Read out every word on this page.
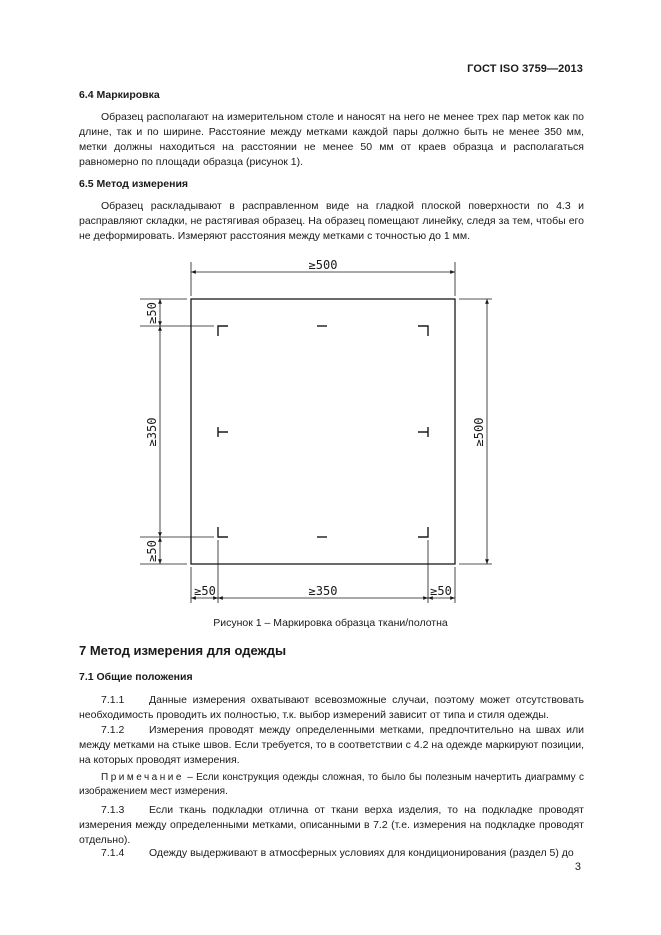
ГОСТ ISO 3759—2013
6.4 Маркировка
Образец располагают на измерительном столе и наносят на него не менее трех пар меток как по длине, так и по ширине. Расстояние между метками каждой пары должно быть не менее 350 мм, метки должны находиться на расстоянии не менее 50 мм от краев образца и располагаться равномерно по площади образца (рисунок 1).
6.5 Метод измерения
Образец раскладывают в расправленном виде на гладкой плоской поверхности по 4.3 и расправляют складки, не растягивая образец. На образец помещают линейку, следя за тем, чтобы его не деформировать. Измеряют расстояния между метками с точностью до 1 мм.
≥500
≥350
≥50	≥50
≥50
≥350
≥50
≥500
Рисунок 1 – Маркировка образца ткани/полотна
7 Метод измерения для одежды
7.1 Общие положения
7.1.1 Данные измерения охватывают всевозможные случаи, поэтому может отсутствовать необходимость проводить их полностью, т.к. выбор измерений зависит от типа и стиля одежды.
7.1.2 Измерения проводят между определенными метками, предпочтительно на швах или между метками на стыке швов. Если требуется, то в соответствии с 4.2 на одежде маркируют позиции, на которых проводят измерения.
Примечание – Если конструкция одежды сложная, то было бы полезным начертить диаграмму с изображением мест измерения.
7.1.3 Если ткань подкладки отлична от ткани верха изделия, то на подкладке проводят измерения между определенными метками, описанными в 7.2 (т.е. измерения на подкладке проводят отдельно).
7.1.4 Одежду выдерживают в атмосферных условиях для кондиционирования (раздел 5) до
3
